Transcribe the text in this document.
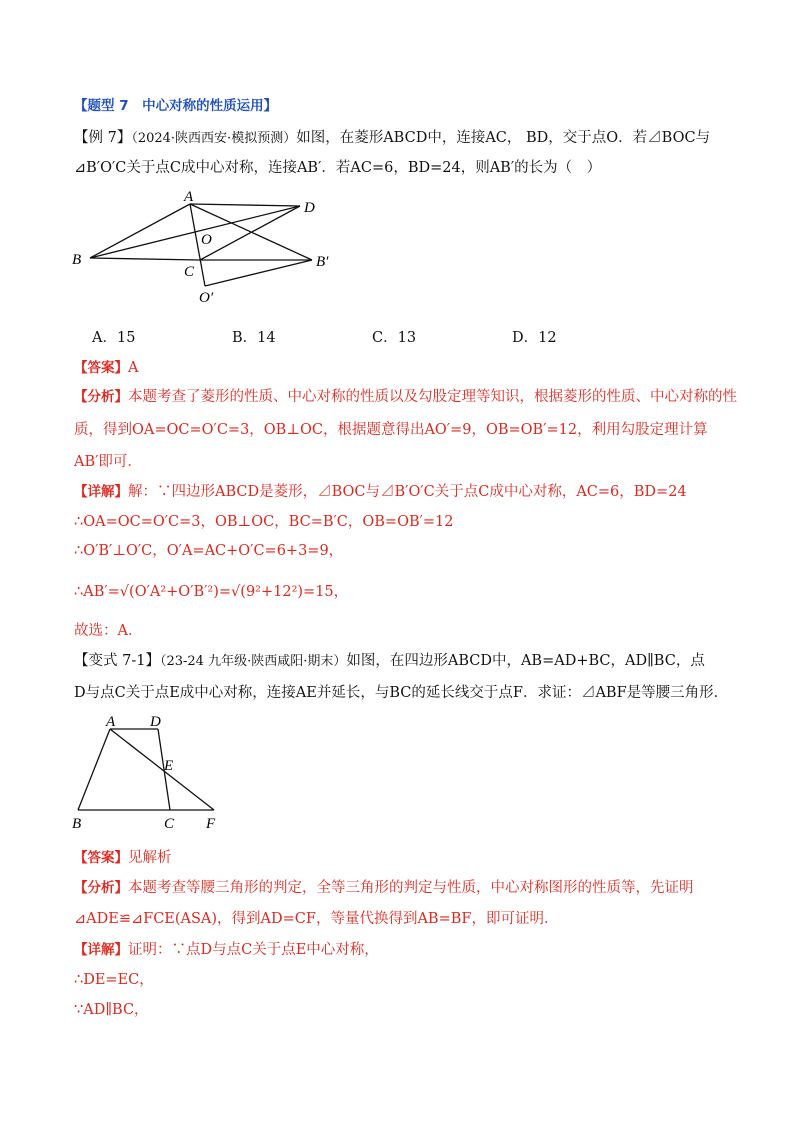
【题型 7　中心对称的性质运用】
【例 7】（2024·陕西西安·模拟预测）如图，在菱形ABCD中，连接AC， BD，交于点O．若⊿BOC与
⊿B′O′C关于点C成中心对称，连接AB′．若AC=6，BD=24，则AB′的长为（　）
A
D
O
B
C
B′
O′
A．15	B．14	C．13	D．12
【答案】A
【分析】本题考查了菱形的性质、中心对称的性质以及勾股定理等知识，根据菱形的性质、中心对称的性
质，得到OA=OC=O′C=3，OB⊥OC，根据题意得出AO′=9，OB=OB′=12，利用勾股定理计算
AB′即可．
【详解】解：∵四边形ABCD是菱形，⊿BOC与⊿B′O′C关于点C成中心对称，AC=6，BD=24
∴OA=OC=O′C=3，OB⊥OC，BC=B′C，OB=OB′=12
∴O′B′⊥O′C，O′A=AC+O′C=6+3=9，
∴AB′=√(O′A²+O′B′²)=√(9²+12²)=15，
故选：A．
【变式 7-1】（23-24 九年级·陕西咸阳·期末）如图，在四边形ABCD中，AB=AD+BC，AD∥BC，点
D与点C关于点E成中心对称，连接AE并延长，与BC的延长线交于点F．求证：⊿ABF是等腰三角形．
A D
E
B	C F
【答案】见解析
【分析】本题考查等腰三角形的判定，全等三角形的判定与性质，中心对称图形的性质等，先证明
⊿ADE≌⊿FCE(ASA)，得到AD=CF，等量代换得到AB=BF，即可证明．
【详解】证明：∵点D与点C关于点E中心对称，
∴DE=EC，
∵AD∥BC，
